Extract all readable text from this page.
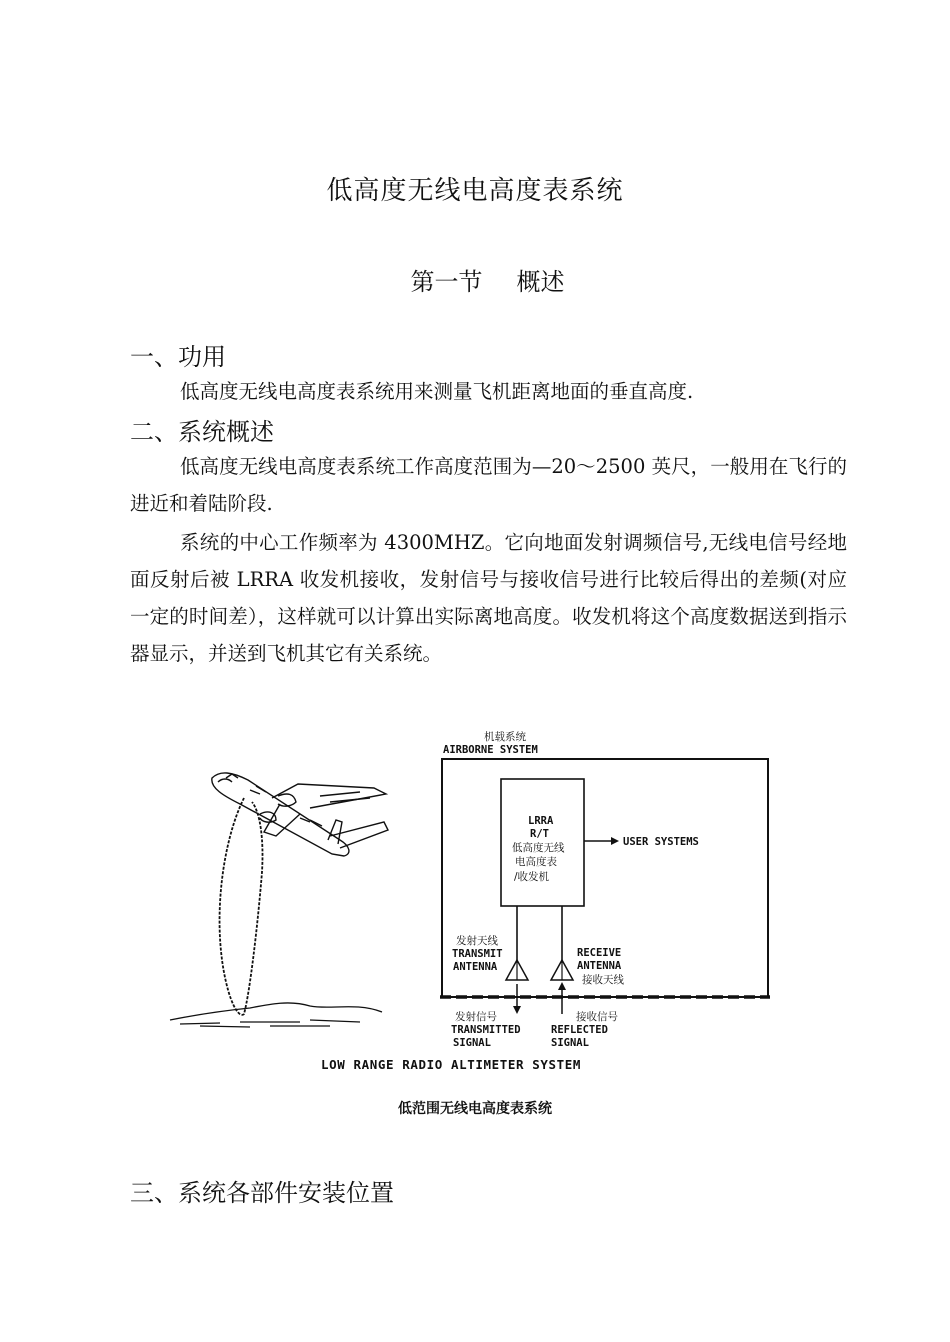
低高度无线电高度表系统
第一节 概述
一、功用
低高度无线电高度表系统用来测量飞机距离地面的垂直高度.
二、系统概述
低高度无线电高度表系统工作高度范围为—20～2500 英尺，一般用在飞行的进近和着陆阶段.
系统的中心工作频率为 4300MHZ。它向地面发射调频信号,无线电信号经地面反射后被 LRRA 收发机接收，发射信号与接收信号进行比较后得出的差频(对应一定的时间差），这样就可以计算出实际离地高度。收发机将这个高度数据送到指示器显示，并送到飞机其它有关系统。
机载系统
AIRBORNE SYSTEM
LRRA
R/T
低高度无线
电高度表
/收发机
USER SYSTEMS
发射天线
TRANSMIT
ANTENNA
RECEIVE
ANTENNA
接收天线
发射信号
TRANSMITTED
SIGNAL
接收信号
REFLECTED
SIGNAL
LOW RANGE RADIO ALTIMETER SYSTEM
低范围无线电高度表系统
三、系统各部件安装位置
